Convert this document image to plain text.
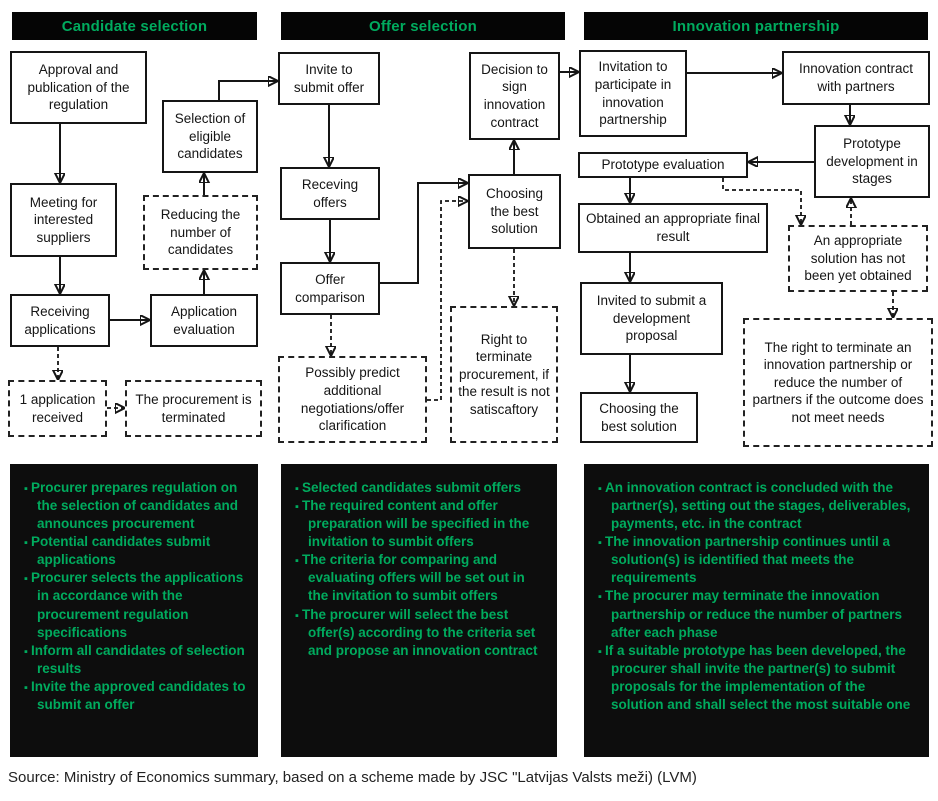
Candidate selection	Offer selection	Innovation partnership
Approval and publication of the regulation
Meeting for interested suppliers
Receiving applications
1 application received
The procurement is terminated
Application evaluation
Reducing the number of candidates
Selection of eligible candidates
Invite to submit offer
Receving offers
Offer comparison
Possibly predict additional negotiations/offer clarification
Choosing the best solution
Decision to sign innovation contract
Right to terminate procurement, if the result is not satiscaftory
Invitation to participate in innovation partnership
Innovation contract with partners
Prototype development in stages
Prototype evaluation
Obtained an appropriate final result
Invited to submit a development proposal
Choosing the best solution
An appropriate solution has not been yet obtained
The right to terminate an innovation partnership or reduce the number of partners if the outcome does not meet needs
▪ Procurer prepares regulation on the selection of candidates and announces procurement
▪ Potential candidates submit applications
▪ Procurer selects the applications in accordance with the procurement regulation specifications
▪ Inform all candidates of selection results
▪ Invite the approved candidates to submit an offer
▪ Selected candidates submit offers
▪ The required content and offer preparation will be specified in the invitation to sumbit offers
▪ The criteria for comparing and evaluating offers will be set out in the invitation to sumbit offers
▪ The procurer will select the best offer(s) according to the criteria set and propose an innovation contract
▪ An innovation contract is concluded with the partner(s), setting out the stages, deliverables, payments, etc. in the contract
▪ The innovation partnership continues until a solution(s) is identified that meets the requirements
▪ The procurer may terminate the innovation partnership or reduce the number of partners after each phase
▪ If a suitable prototype has been developed, the procurer shall invite the partner(s) to submit proposals for the implementation of the solution and shall select the most suitable one
Source: Ministry of Economics summary, based on a scheme made by JSC "Latvijas Valsts meži) (LVM)
